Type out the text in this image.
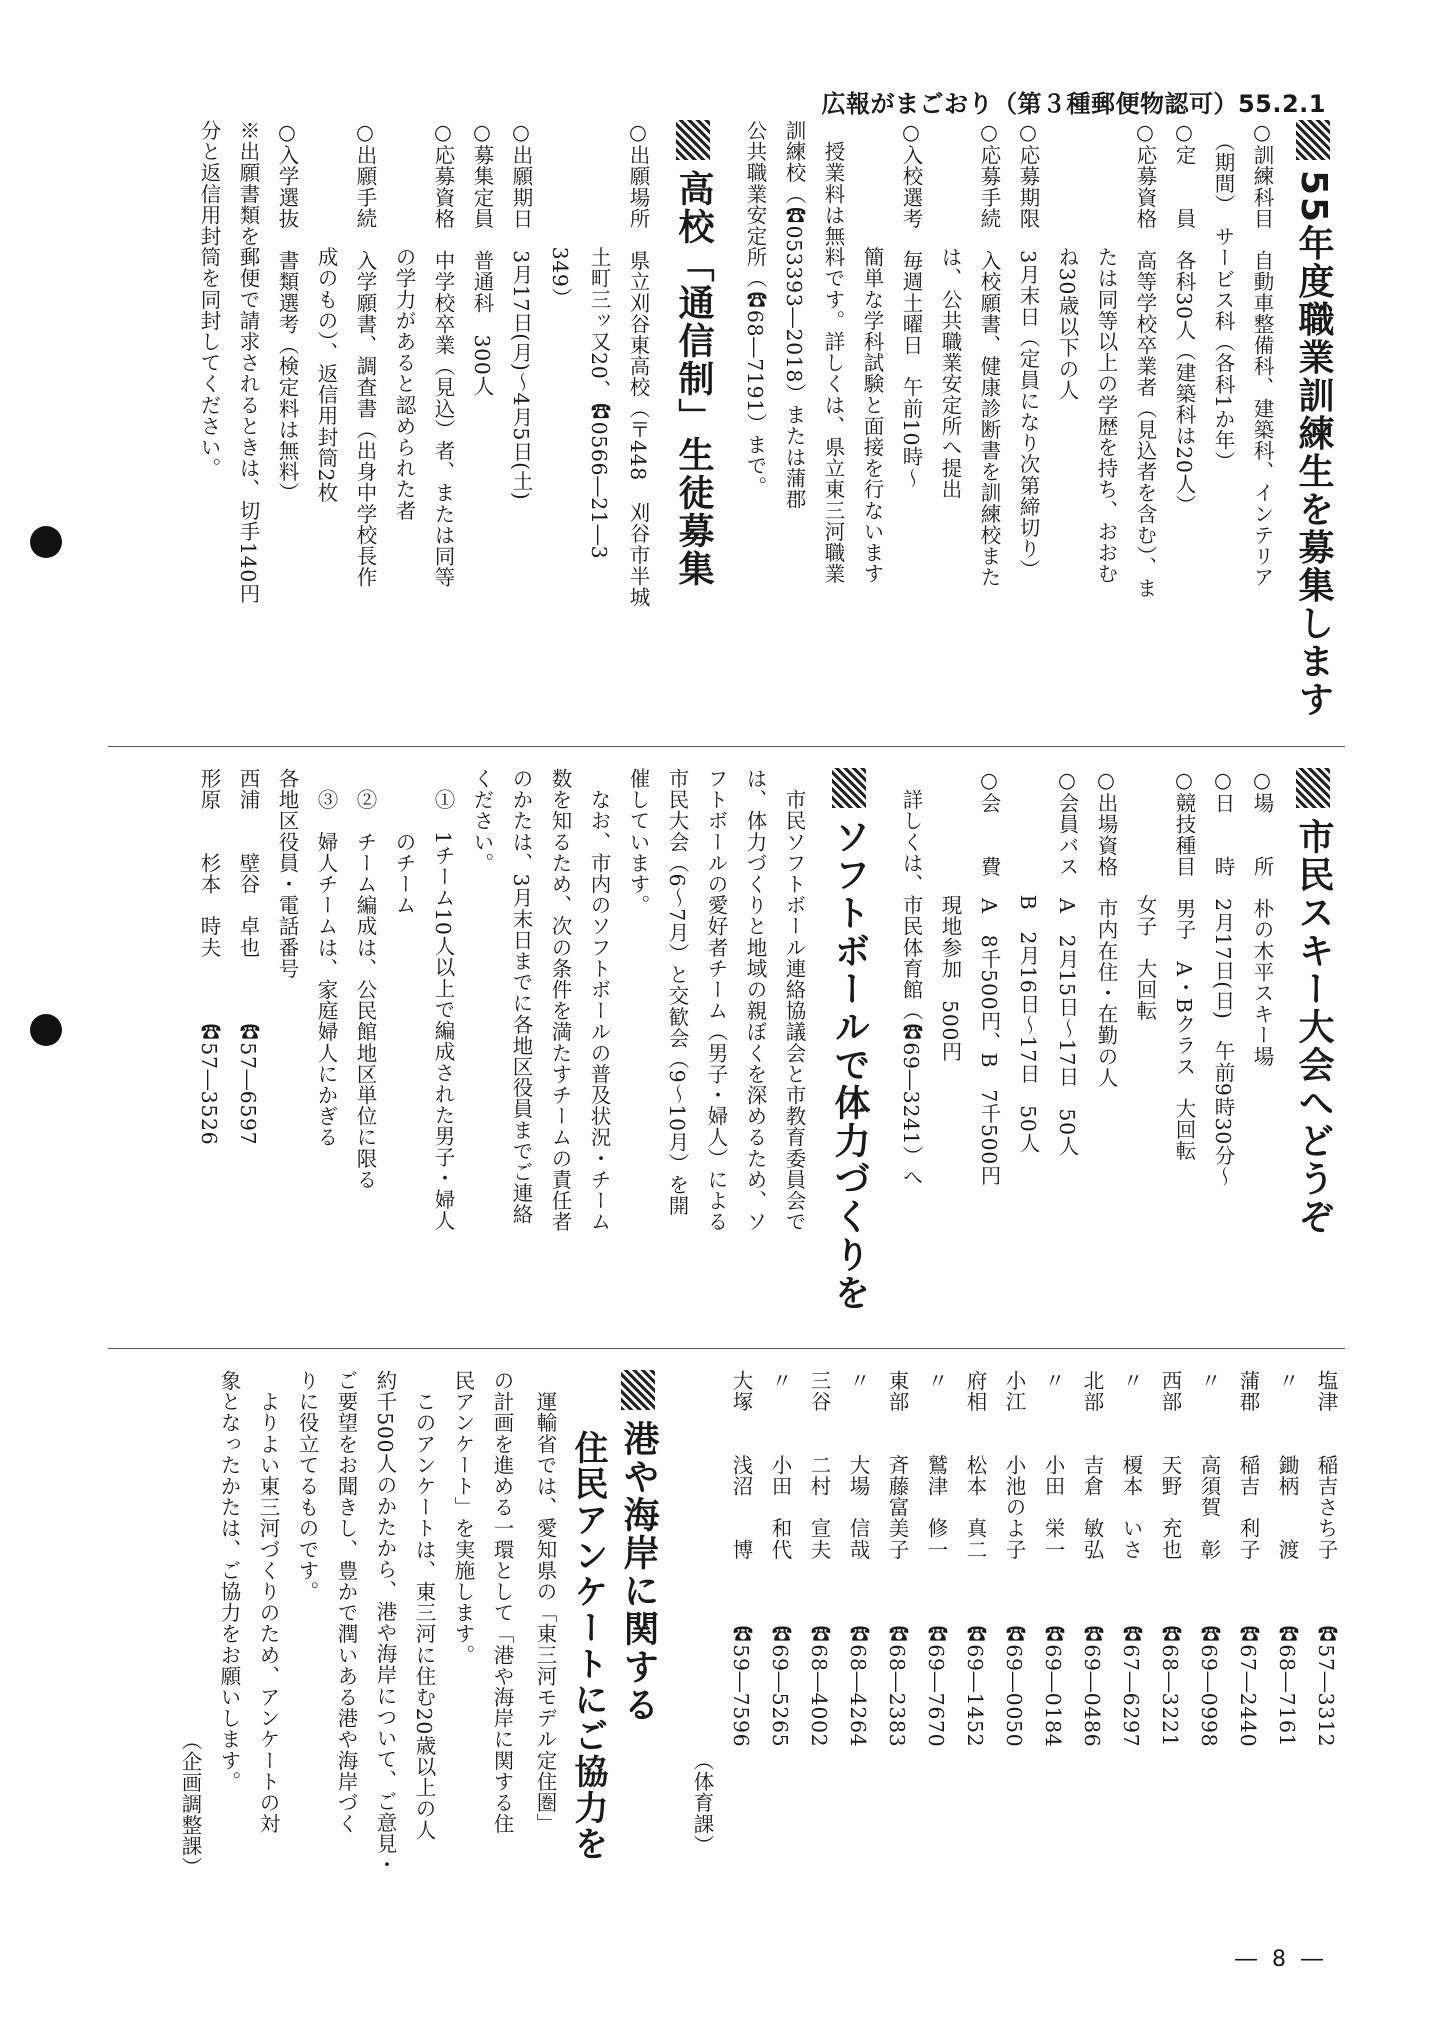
広報がまごおり（第３種郵便物認可）55.2.1
55年度職業訓練生を募集します
○訓練科目　自動車整備科、建築科、インテリア
　（期間）　サービス科（各科1か年）
○定　　員　各科30人（建築科は20人）
○応募資格　高等学校卒業者（見込者を含む）、ま
　　　　　　たは同等以上の学歴を持ち、おおむ
　　　　　　ね30歳以下の人
○応募期限　3月末日（定員になり次第締切り）
○応募手続　入校願書、健康診断書を訓練校また
　　　　　　は、公共職業安定所へ提出
○入校選考　毎週土曜日　午前10時～
　　　　　　簡単な学科試験と面接を行ないます
　授業料は無料です。詳しくは、県立東三河職業
訓練校（☎053393―2018）または蒲郡
公共職業安定所（☎68―7191）まで。
高校「通信制」生徒募集
○出願場所　県立刈谷東高校（〒448　刈谷市半城
　　　　　　土町三ッ又20、☎0566―21―3
　　　　　　349）
○出願期日　3月17日(月)～4月5日(土)
○募集定員　普通科　300人
○応募資格　中学校卒業（見込）者、または同等
　　　　　　の学力があると認められた者
○出願手続　入学願書、調査書（出身中学校長作
　　　　　　成のもの）、返信用封筒2枚
○入学選抜　書類選考（検定料は無料）
※出願書類を郵便で請求されるときは、切手140円
分と返信用封筒を同封してください。
市民スキー大会へどうぞ
○場　　所　朴の木平スキー場
○日　　時　2月17日(日)　午前9時30分～
○競技種目　男子　A・Bクラス　大回転
　　　　　　女子　大回転
○出場資格　市内在住・在勤の人
○会員バス　A　2月15日～17日　50人
　　　　　　B　2月16日～17日　50人
○会　　費　A　8千500円、B　7千500円
　　　　　　現地参加　500円
　詳しくは、市民体育館（☎69―3241）へ
ソフトボールで体力づくりを
　市民ソフトボール連絡協議会と市教育委員会で
は、体力づくりと地域の親ぼくを深めるため、ソ
フトボールの愛好者チーム（男子・婦人）による
市民大会（6～7月）と交歓会（9～10月）を開
催しています。
　なお、市内のソフトボールの普及状況・チーム
数を知るため、次の条件を満たすチームの責任者
のかたは、3月末日までに各地区役員までご連絡
ください。
　①　1チーム10人以上で編成された男子・婦人
　　　のチーム
　②　チーム編成は、公民館地区単位に限る
　③　婦人チームは、家庭婦人にかぎる
各地区役員・電話番号
西浦　　壁谷　卓也　　　☎57―6597
形原　　杉本　時夫　　　☎57―3526
塩津　　稲吉さち子　　　☎57―3312
〃　　　鋤柄　　渡　　　☎68―7161
蒲郡　　稲吉　利子　　　☎67―2440
〃　　　高須賀　彰　　　☎69―0998
西部　　天野　充也　　　☎68―3221
〃　　　榎本　いさ　　　☎67―6297
北部　　吉倉　敏弘　　　☎69―0486
〃　　　小田　栄一　　　☎69―0184
小江　　小池のよ子　　　☎69―0050
府相　　松本　真二　　　☎69―1452
〃　　　鷲津　修一　　　☎69―7670
東部　　斉藤富美子　　　☎68―2383
〃　　　大場　信哉　　　☎68―4264
三谷　　二村　宣夫　　　☎68―4002
〃　　　小田　和代　　　☎69―5265
大塚　　浅沼　　博　　　☎59―7596
（体育課）
港や海岸に関する
住民アンケートにご協力を
　運輸省では、愛知県の「東三河モデル定住圏」
の計画を進める一環として「港や海岸に関する住
民アンケート」を実施します。
　このアンケートは、東三河に住む20歳以上の人
約千500人のかたから、港や海岸について、ご意見・
ご要望をお聞きし、豊かで潤いある港や海岸づく
りに役立てるものです。
　よりよい東三河づくりのため、アンケートの対
象となったかたは、ご協力をお願いします。
（企画調整課）
― 8 ―
